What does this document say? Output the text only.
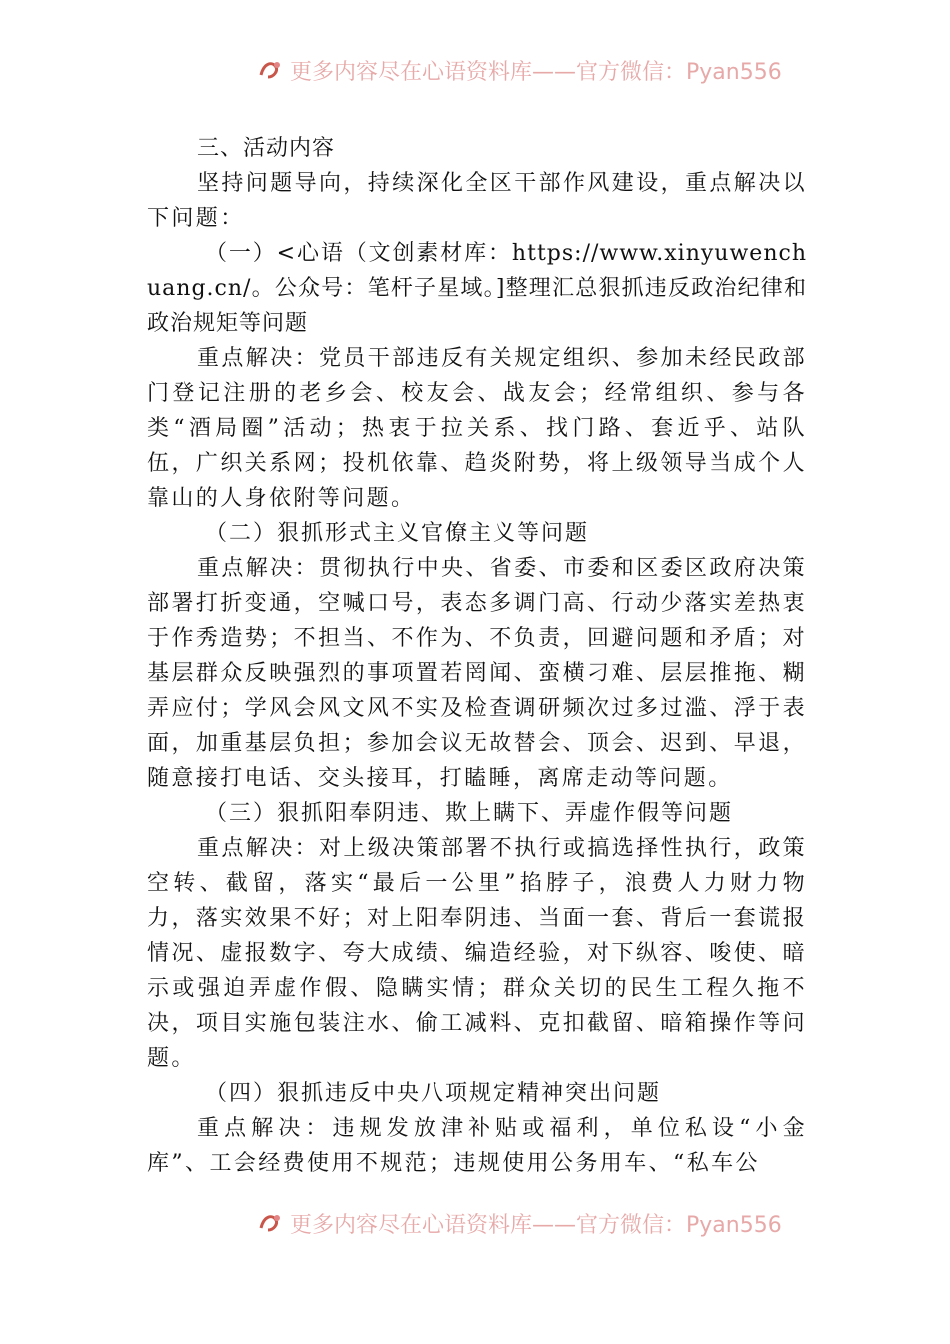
更多内容尽在心语资料库——官方微信：Pyan556

三、活动内容

坚持问题导向，持续深化全区干部作风建设，重点解决以下问题：

（一）<心语（文创素材库：https://www.xinyuwenchuang.cn/。公众号：笔杆子星域。]整理汇总狠抓违反政治纪律和政治规矩等问题

重点解决：党员干部违反有关规定组织、参加未经民政部门登记注册的老乡会、校友会、战友会；经常组织、参与各类“酒局圈”活动；热衷于拉关系、找门路、套近乎、站队伍，广织关系网；投机依靠、趋炎附势，将上级领导当成个人靠山的人身依附等问题。

（二）狠抓形式主义官僚主义等问题

重点解决：贯彻执行中央、省委、市委和区委区政府决策部署打折变通，空喊口号，表态多调门高、行动少落实差热衷于作秀造势；不担当、不作为、不负责，回避问题和矛盾；对基层群众反映强烈的事项置若罔闻、蛮横刁难、层层推拖、糊弄应付；学风会风文风不实及检查调研频次过多过滥、浮于表面，加重基层负担；参加会议无故替会、顶会、迟到、早退，随意接打电话、交头接耳，打瞌睡，离席走动等问题。

（三）狠抓阳奉阴违、欺上瞒下、弄虚作假等问题

重点解决：对上级决策部署不执行或搞选择性执行，政策空转、截留，落实“最后一公里”掐脖子，浪费人力财力物力，落实效果不好；对上阳奉阴违、当面一套、背后一套谎报情况、虚报数字、夸大成绩、编造经验，对下纵容、唆使、暗示或强迫弄虚作假、隐瞒实情；群众关切的民生工程久拖不决，项目实施包装注水、偷工减料、克扣截留、暗箱操作等问题。

（四）狠抓违反中央八项规定精神突出问题

重点解决：违规发放津补贴或福利，单位私设“小金库”、工会经费使用不规范；违规使用公务用车、“私车公

更多内容尽在心语资料库——官方微信：Pyan556
